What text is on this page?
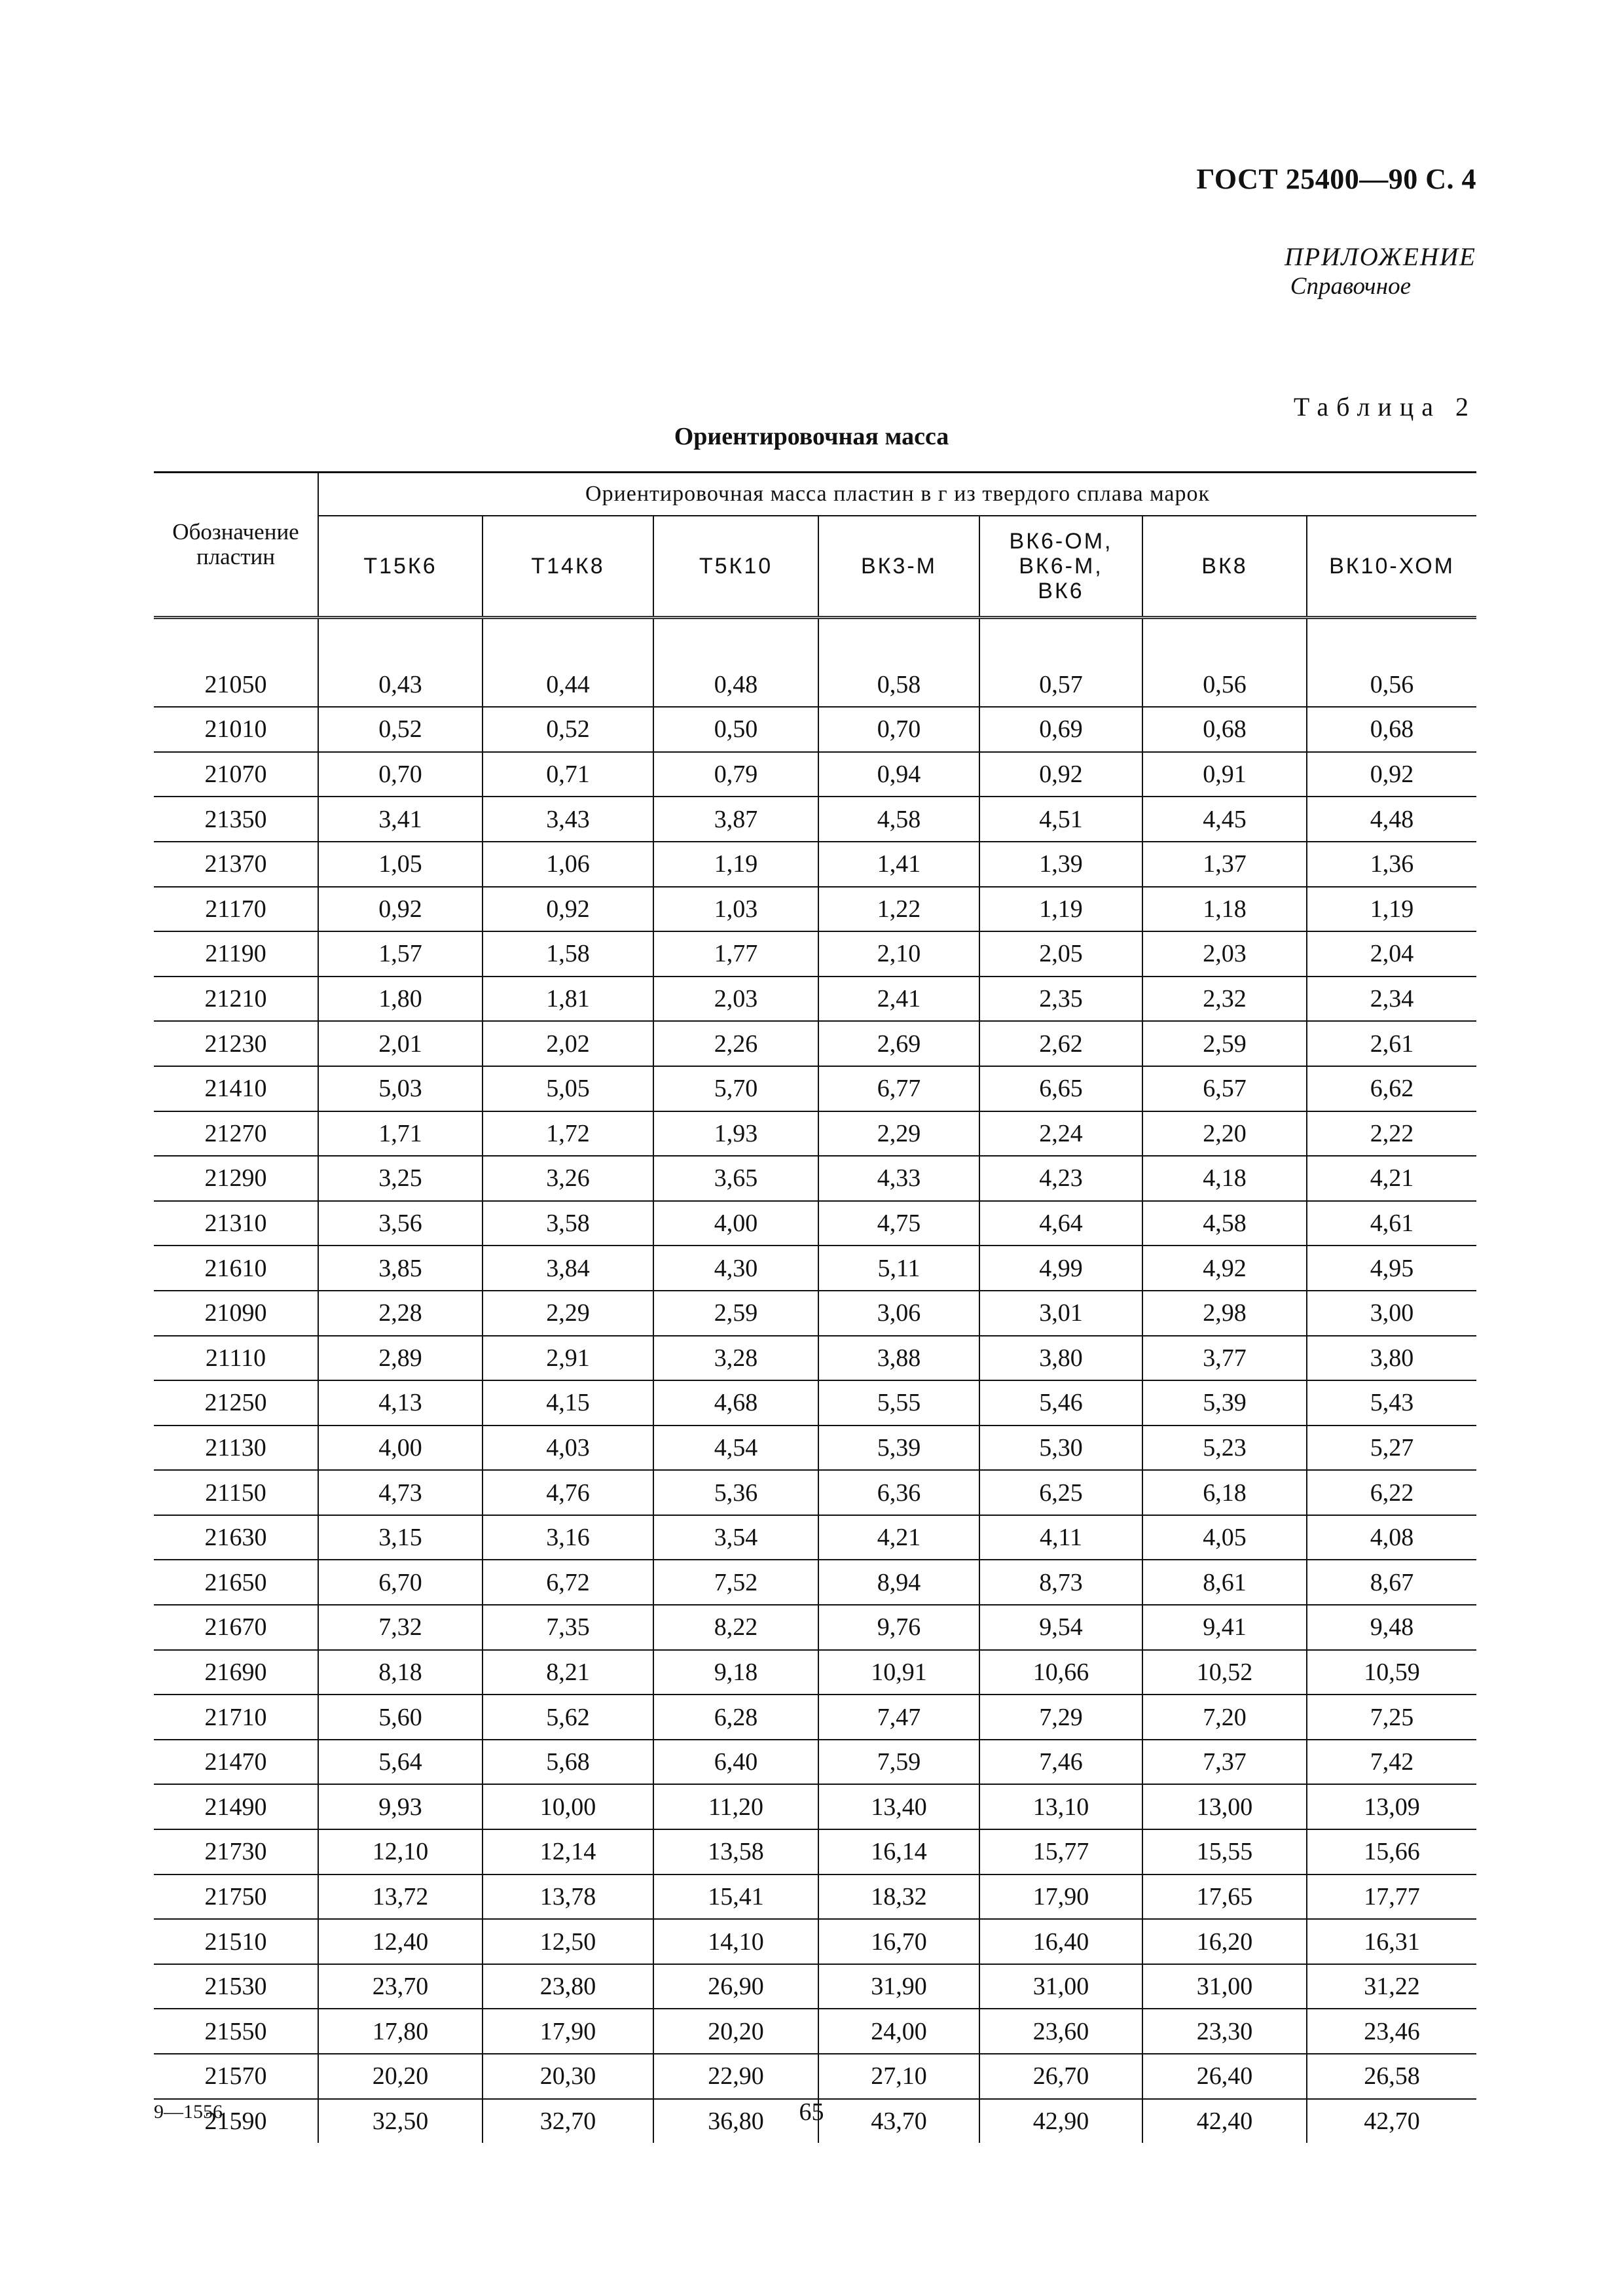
ГОСТ 25400—90 С. 4
ПРИЛОЖЕНИЕ
Справочное
Таблица 2
Ориентировочная масса
Обозначение пластин	Ориентировочная масса пластин в г из твердого сплава марок						
	Т15К6	Т14К8	Т5К10	ВК3-М	ВК6-ОМ, ВК6-М, ВК6	ВК8	ВК10-ХОМ

21050	0,43	0,44	0,48	0,58	0,57	0,56	0,56
21010	0,52	0,52	0,50	0,70	0,69	0,68	0,68
21070	0,70	0,71	0,79	0,94	0,92	0,91	0,92
21350	3,41	3,43	3,87	4,58	4,51	4,45	4,48
21370	1,05	1,06	1,19	1,41	1,39	1,37	1,36
21170	0,92	0,92	1,03	1,22	1,19	1,18	1,19
21190	1,57	1,58	1,77	2,10	2,05	2,03	2,04
21210	1,80	1,81	2,03	2,41	2,35	2,32	2,34
21230	2,01	2,02	2,26	2,69	2,62	2,59	2,61
21410	5,03	5,05	5,70	6,77	6,65	6,57	6,62
21270	1,71	1,72	1,93	2,29	2,24	2,20	2,22
21290	3,25	3,26	3,65	4,33	4,23	4,18	4,21
21310	3,56	3,58	4,00	4,75	4,64	4,58	4,61
21610	3,85	3,84	4,30	5,11	4,99	4,92	4,95
21090	2,28	2,29	2,59	3,06	3,01	2,98	3,00
21110	2,89	2,91	3,28	3,88	3,80	3,77	3,80
21250	4,13	4,15	4,68	5,55	5,46	5,39	5,43
21130	4,00	4,03	4,54	5,39	5,30	5,23	5,27
21150	4,73	4,76	5,36	6,36	6,25	6,18	6,22
21630	3,15	3,16	3,54	4,21	4,11	4,05	4,08
21650	6,70	6,72	7,52	8,94	8,73	8,61	8,67
21670	7,32	7,35	8,22	9,76	9,54	9,41	9,48
21690	8,18	8,21	9,18	10,91	10,66	10,52	10,59
21710	5,60	5,62	6,28	7,47	7,29	7,20	7,25
21470	5,64	5,68	6,40	7,59	7,46	7,37	7,42
21490	9,93	10,00	11,20	13,40	13,10	13,00	13,09
21730	12,10	12,14	13,58	16,14	15,77	15,55	15,66
21750	13,72	13,78	15,41	18,32	17,90	17,65	17,77
21510	12,40	12,50	14,10	16,70	16,40	16,20	16,31
21530	23,70	23,80	26,90	31,90	31,00	31,00	31,22
21550	17,80	17,90	20,20	24,00	23,60	23,30	23,46
21570	20,20	20,30	22,90	27,10	26,70	26,40	26,58
21590	32,50	32,70	36,80	43,70	42,90	42,40	42,70
9—1556	65
